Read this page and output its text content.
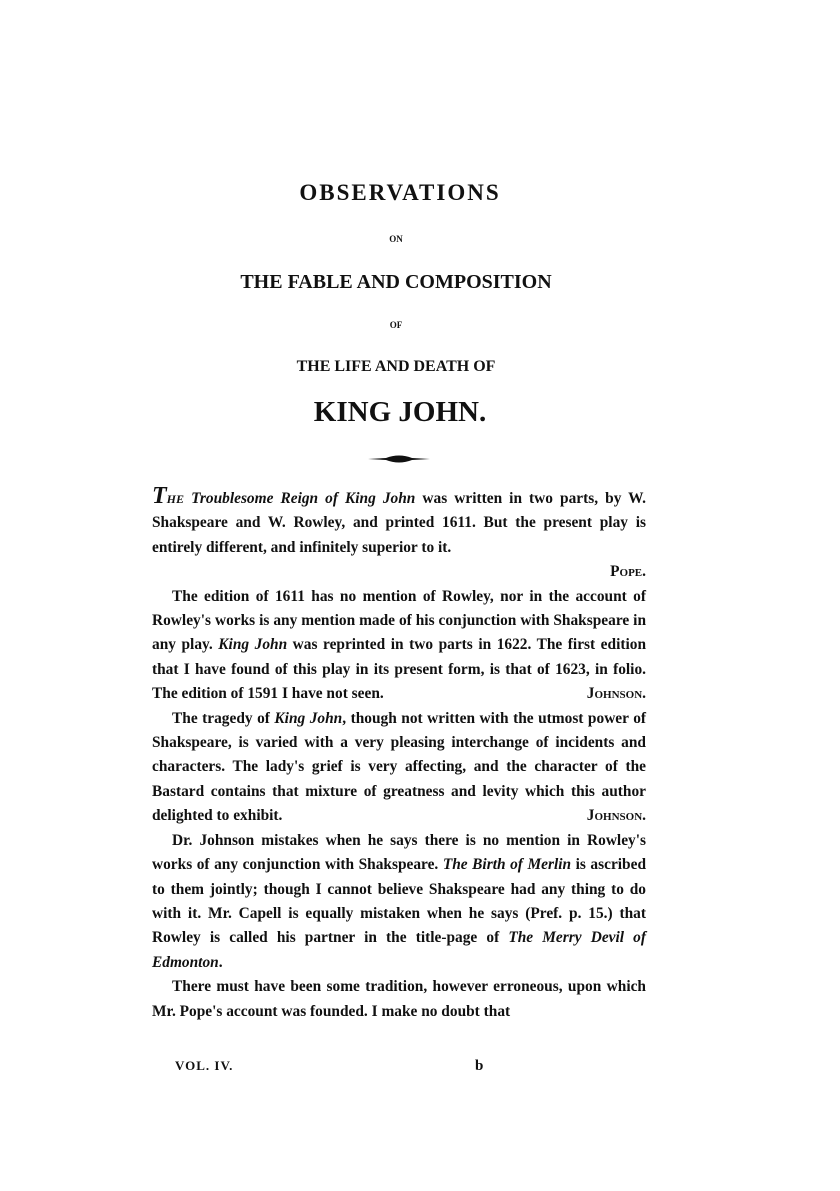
OBSERVATIONS
ON
THE FABLE AND COMPOSITION
OF
THE LIFE AND DEATH OF
KING JOHN.

THE Troublesome Reign of King John was written in two parts, by W. Shakspeare and W. Rowley, and printed 1611. But the present play is entirely different, and infinitely superior to it.
Pope.

The edition of 1611 has no mention of Rowley, nor in the account of Rowley's works is any mention made of his conjunction with Shakspeare in any play. King John was reprinted in two parts in 1622. The first edition that I have found of this play in its present form, is that of 1623, in folio. The edition of 1591 I have not seen.	Johnson.

The tragedy of King John, though not written with the utmost power of Shakspeare, is varied with a very pleasing interchange of incidents and characters. The lady's grief is very affecting, and the character of the Bastard contains that mixture of greatness and levity which this author delighted to exhibit.	Johnson.

Dr. Johnson mistakes when he says there is no mention in Rowley's works of any conjunction with Shakspeare. The Birth of Merlin is ascribed to them jointly; though I cannot believe Shakspeare had any thing to do with it. Mr. Capell is equally mistaken when he says (Pref. p. 15.) that Rowley is called his partner in the title-page of The Merry Devil of Edmonton.

There must have been some tradition, however erroneous, upon which Mr. Pope's account was founded. I make no doubt that

VOL. IV.	b
